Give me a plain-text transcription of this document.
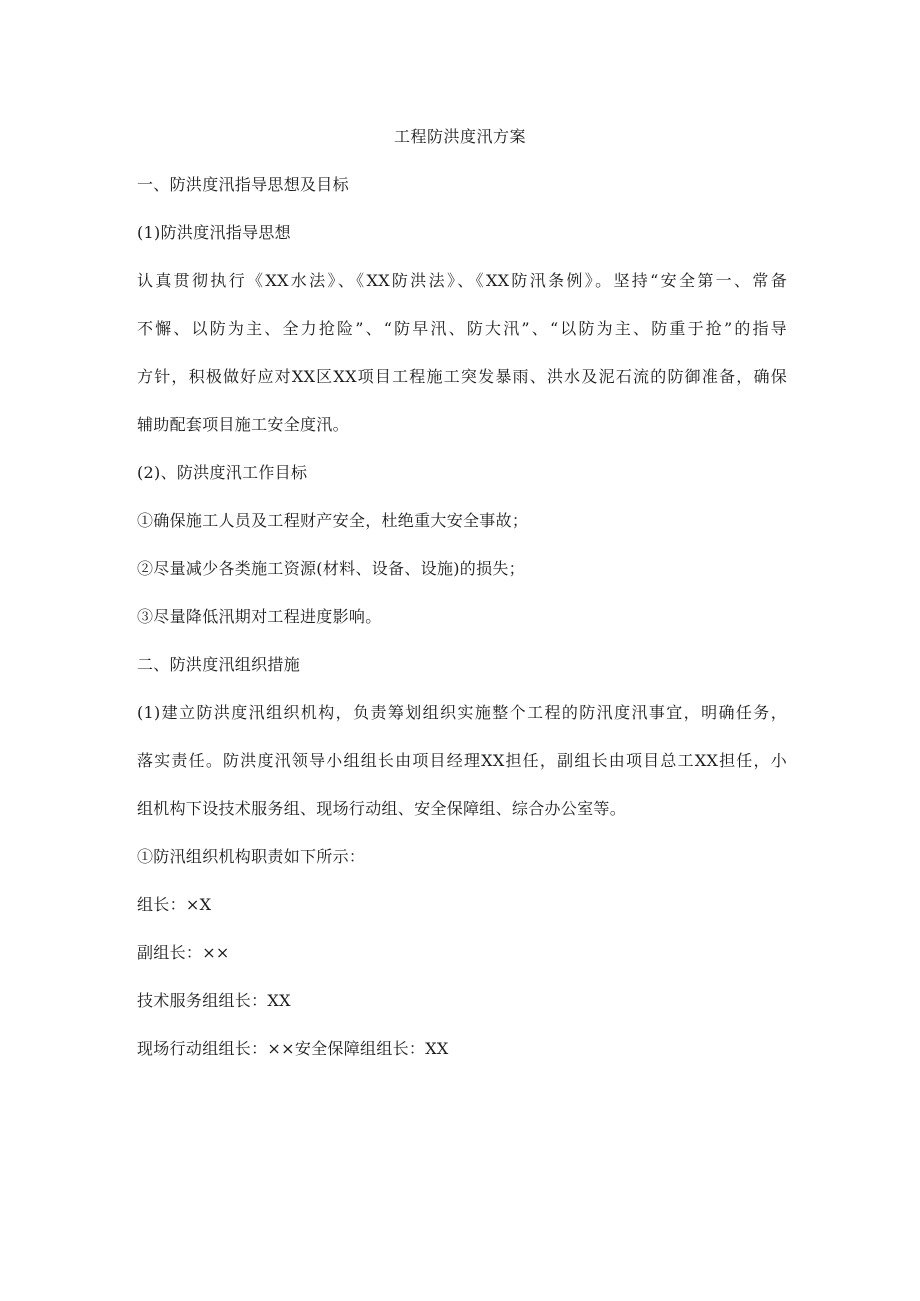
工程防洪度汛方案
一、防洪度汛指导思想及目标
(1)防洪度汛指导思想
认真贯彻执行《XX水法》、《XX防洪法》、《XX防汛条例》。坚持“安全第一、常备
不懈、以防为主、全力抢险”、“防早汛、防大汛”、“以防为主、防重于抢”的指导
方针，积极做好应对XX区XX项目工程施工突发暴雨、洪水及泥石流的防御准备，确保
辅助配套项目施工安全度汛。
(2)、防洪度汛工作目标
①确保施工人员及工程财产安全，杜绝重大安全事故；
②尽量减少各类施工资源(材料、设备、设施)的损失；
③尽量降低汛期对工程进度影响。
二、防洪度汛组织措施
(1)建立防洪度汛组织机构，负责筹划组织实施整个工程的防汛度汛事宜，明确任务，
落实责任。防洪度汛领导小组组长由项目经理XX担任，副组长由项目总工XX担任，小
组机构下设技术服务组、现场行动组、安全保障组、综合办公室等。
①防汛组织机构职责如下所示：
组长：×X
副组长：××
技术服务组组长：XX
现场行动组组长：××安全保障组组长：XX
